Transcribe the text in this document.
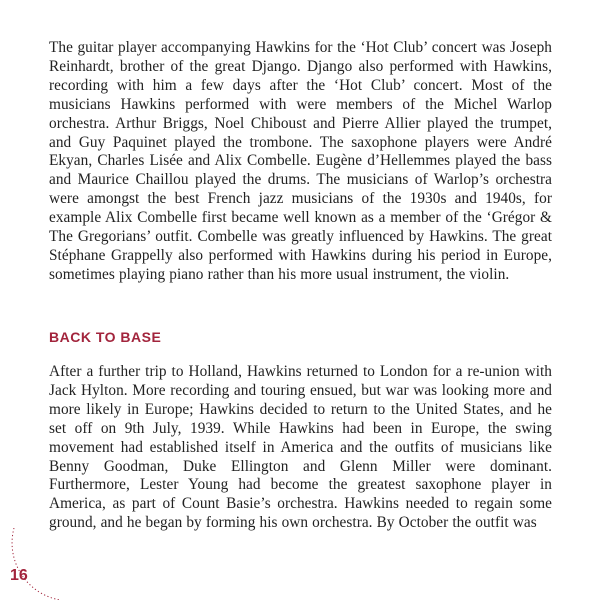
The guitar player accompanying Hawkins for the ‘Hot Club’ concert was Joseph Reinhardt, brother of the great Django. Django also performed with Hawkins, recording with him a few days after the ‘Hot Club’ concert. Most of the musicians Hawkins performed with were members of the Michel Warlop orchestra. Arthur Briggs, Noel Chiboust and Pierre Allier played the trumpet, and Guy Paquinet played the trombone. The saxophone players were André Ekyan, Charles Lisée and Alix Combelle. Eugène d’Hellemmes played the bass and Maurice Chaillou played the drums. The musicians of Warlop’s orchestra were amongst the best French jazz musicians of the 1930s and 1940s, for example Alix Combelle first became well known as a member of the ‘Grégor & The Gregorians’ outfit. Combelle was greatly influenced by Hawkins. The great Stéphane Grappelly also performed with Hawkins during his period in Europe, sometimes playing piano rather than his more usual instrument, the violin.

BACK TO BASE

After a further trip to Holland, Hawkins returned to London for a re-union with Jack Hylton. More recording and touring ensued, but war was looking more and more likely in Europe; Hawkins decided to return to the United States, and he set off on 9th July, 1939. While Hawkins had been in Europe, the swing movement had established itself in America and the outfits of musicians like Benny Goodman, Duke Ellington and Glenn Miller were dominant. Furthermore, Lester Young had become the greatest saxophone player in America, as part of Count Basie’s orchestra. Hawkins needed to regain some ground, and he began by forming his own orchestra. By October the outfit was

16
